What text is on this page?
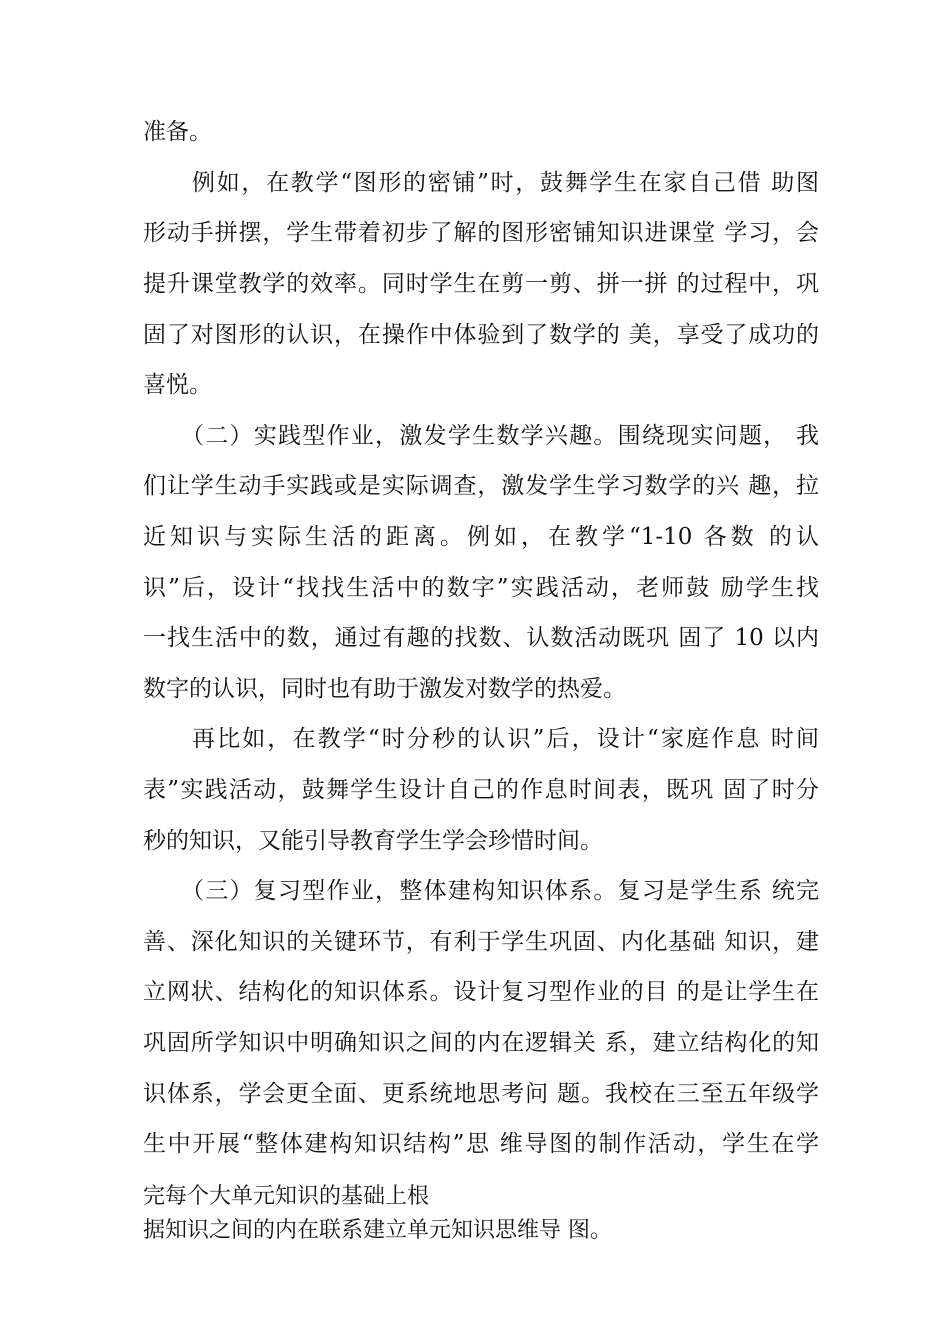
准备。
例如，在教学“图形的密铺”时，鼓舞学生在家自己借 助图
形动手拼摆，学生带着初步了解的图形密铺知识进课堂 学习，会
提升课堂教学的效率。同时学生在剪一剪、拼一拼 的过程中，巩
固了对图形的认识，在操作中体验到了数学的 美，享受了成功的
喜悦。
（二）实践型作业，激发学生数学兴趣。围绕现实问题， 我
们让学生动手实践或是实际调查，激发学生学习数学的兴 趣，拉
近知识与实际生活的距离。例如，在教学“1-10 各数 的认
识”后，设计“找找生活中的数字”实践活动，老师鼓 励学生找
一找生活中的数，通过有趣的找数、认数活动既巩 固了 10 以内
数字的认识，同时也有助于激发对数学的热爱。
再比如，在教学“时分秒的认识”后，设计“家庭作息 时间
表”实践活动，鼓舞学生设计自己的作息时间表，既巩 固了时分
秒的知识，又能引导教育学生学会珍惜时间。
（三）复习型作业，整体建构知识体系。复习是学生系 统完
善、深化知识的关键环节，有利于学生巩固、内化基础 知识，建
立网状、结构化的知识体系。设计复习型作业的目 的是让学生在
巩固所学知识中明确知识之间的内在逻辑关 系，建立结构化的知
识体系，学会更全面、更系统地思考问 题。我校在三至五年级学
生中开展“整体建构知识结构”思 维导图的制作活动，学生在学
完每个大单元知识的基础上根
据知识之间的内在联系建立单元知识思维导 图。
